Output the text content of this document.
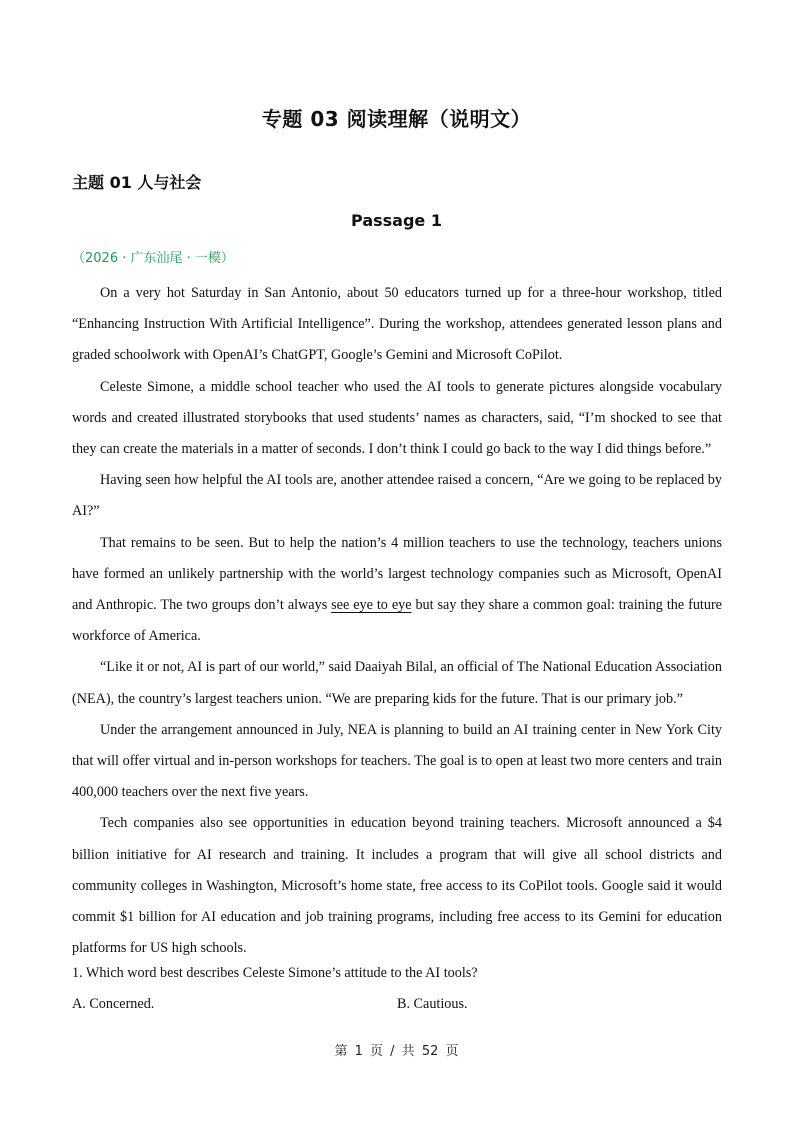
专题 03 阅读理解（说明文）
主题 01 人与社会
Passage 1
（2026 · 广东汕尾 · 一模）

On a very hot Saturday in San Antonio, about 50 educators turned up for a three-hour workshop, titled “Enhancing Instruction With Artificial Intelligence”. During the workshop, attendees generated lesson plans and graded schoolwork with OpenAI’s ChatGPT, Google’s Gemini and Microsoft CoPilot.

Celeste Simone, a middle school teacher who used the AI tools to generate pictures alongside vocabulary words and created illustrated storybooks that used students’ names as characters, said, “I’m shocked to see that they can create the materials in a matter of seconds. I don’t think I could go back to the way I did things before.”

Having seen how helpful the AI tools are, another attendee raised a concern, “Are we going to be replaced by AI?”

That remains to be seen. But to help the nation’s 4 million teachers to use the technology, teachers unions have formed an unlikely partnership with the world’s largest technology companies such as Microsoft, OpenAI and Anthropic. The two groups don’t always see eye to eye but say they share a common goal: training the future workforce of America.

“Like it or not, AI is part of our world,” said Daaiyah Bilal, an official of The National Education Association (NEA), the country’s largest teachers union. “We are preparing kids for the future. That is our primary job.”

Under the arrangement announced in July, NEA is planning to build an AI training center in New York City that will offer virtual and in-person workshops for teachers. The goal is to open at least two more centers and train 400,000 teachers over the next five years.

Tech companies also see opportunities in education beyond training teachers. Microsoft announced a $4 billion initiative for AI research and training. It includes a program that will give all school districts and community colleges in Washington, Microsoft’s home state, free access to its CoPilot tools. Google said it would commit $1 billion for AI education and job training programs, including free access to its Gemini for education platforms for US high schools.

1. Which word best describes Celeste Simone’s attitude to the AI tools?
A. Concerned.	B. Cautious.
第 1 页 / 共 52 页
